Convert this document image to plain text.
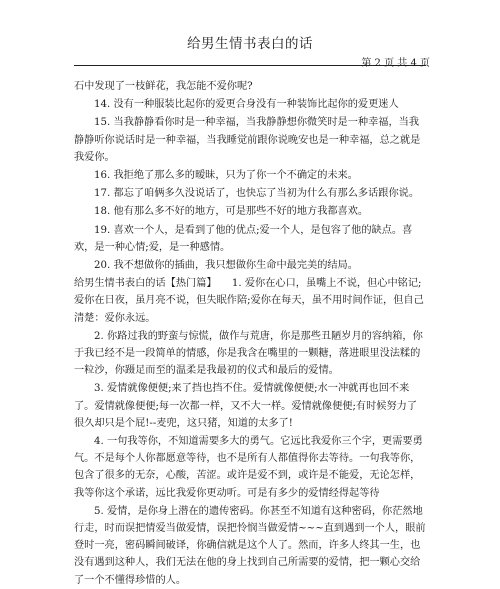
给男生情书表白的话
第 2 页 共 4 页
石中发现了一枝鲜花，我怎能不爱你呢?
14. 没有一种服装比起你的爱更合身没有一种装饰比起你的爱更迷人
15. 当我静静看你时是一种幸福，当我静静想你微笑时是一种幸福，当我静静听你说话时是一种幸福，当我睡觉前跟你说晚安也是一种幸福，总之就是我爱你。
16. 我拒绝了那么多的暧昧，只为了你一个不确定的未来。
17. 都忘了咱俩多久没说话了，也快忘了当初为什么有那么多话跟你说。
18. 他有那么多不好的地方，可是那些不好的地方我都喜欢。
19. 喜欢一个人，是看到了他的优点;爱一个人，是包容了他的缺点。喜欢，是一种心情;爱，是一种感情。
20. 我不想做你的插曲，我只想做你生命中最完美的结局。
给男生情书表白的话【热门篇】　　1. 爱你在心口，虽嘴上不说，但心中铭记;爱你在日夜，虽月亮不说，但失眠作陪;爱你在每天，虽不用时间作证，但自己清楚：爱你永远。
2. 你路过我的野蛮与惊慌，做作与荒唐，你是那些丑陋岁月的容纳箱，你于我已经不是一段简单的情感，你是我含在嘴里的一颗糖，落进眼里没法糅的一粒沙，你蹑足而至的温柔是我最初的仪式和最后的爱情。
3. 爱情就像便便;来了挡也挡不住。爱情就像便便;水一冲就再也回不来了。爱情就像便便;每一次都一样，又不大一样。爱情就像便便;有时候努力了很久却只是个屁!--麦兜，这只猪，知道的太多了!
4. 一句我等你，不知道需要多大的勇气。它远比我爱你三个字，更需要勇气。不是每个人你都愿意等待，也不是所有人都值得你去等待。一句我等你，包含了很多的无奈，心酸，苦涩。或许是爱不到，或许是不能爱，无论怎样，我等你这个承诺，远比我爱你更动听。可是有多少的爱情经得起等待
5. 爱情，是你身上潜在的遗传密码。你甚至不知道有这种密码，你茫然地行走，时而误把情爱当做爱情，误把怜悯当做爱情~~~直到遇到一个人，眼前登时一亮，密码瞬间破译，你确信就是这个人了。然而，许多人终其一生，也没有遇到这种人，我们无法在他的身上找到自己所需要的爱情，把一颗心交给了一个不懂得珍惜的人。
